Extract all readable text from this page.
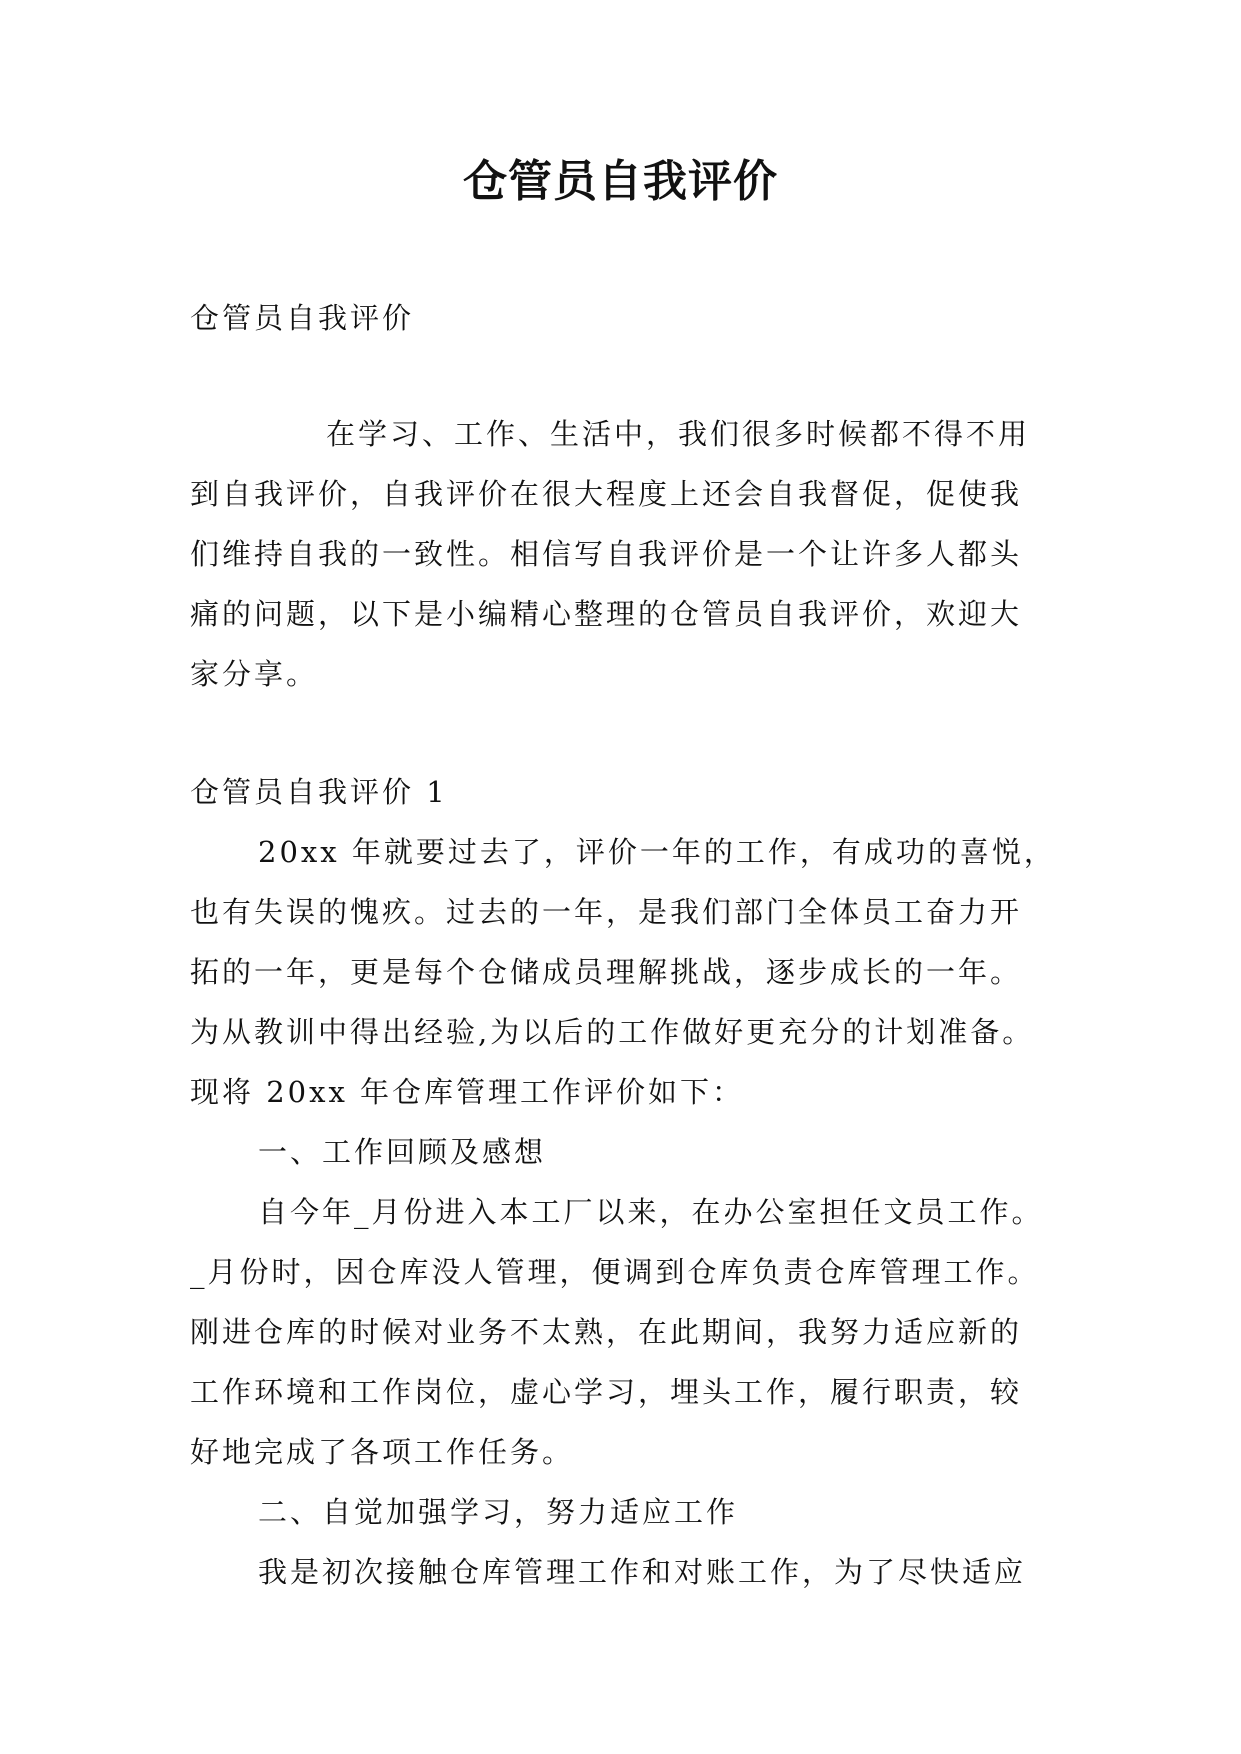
仓管员自我评价
仓管员自我评价
在学习、工作、生活中，我们很多时候都不得不用
到自我评价，自我评价在很大程度上还会自我督促，促使我
们维持自我的一致性。相信写自我评价是一个让许多人都头
痛的问题，以下是小编精心整理的仓管员自我评价，欢迎大
家分享。
仓管员自我评价 1
20xx 年就要过去了，评价一年的工作，有成功的喜悦，
也有失误的愧疚。过去的一年，是我们部门全体员工奋力开
拓的一年，更是每个仓储成员理解挑战，逐步成长的一年。
为从教训中得出经验,为以后的工作做好更充分的计划准备。
现将 20xx 年仓库管理工作评价如下：
一、工作回顾及感想
自今年_月份进入本工厂以来，在办公室担任文员工作。
_月份时，因仓库没人管理，便调到仓库负责仓库管理工作。
刚进仓库的时候对业务不太熟，在此期间，我努力适应新的
工作环境和工作岗位，虚心学习，埋头工作，履行职责，较
好地完成了各项工作任务。
二、自觉加强学习，努力适应工作
我是初次接触仓库管理工作和对账工作，为了尽快适应
